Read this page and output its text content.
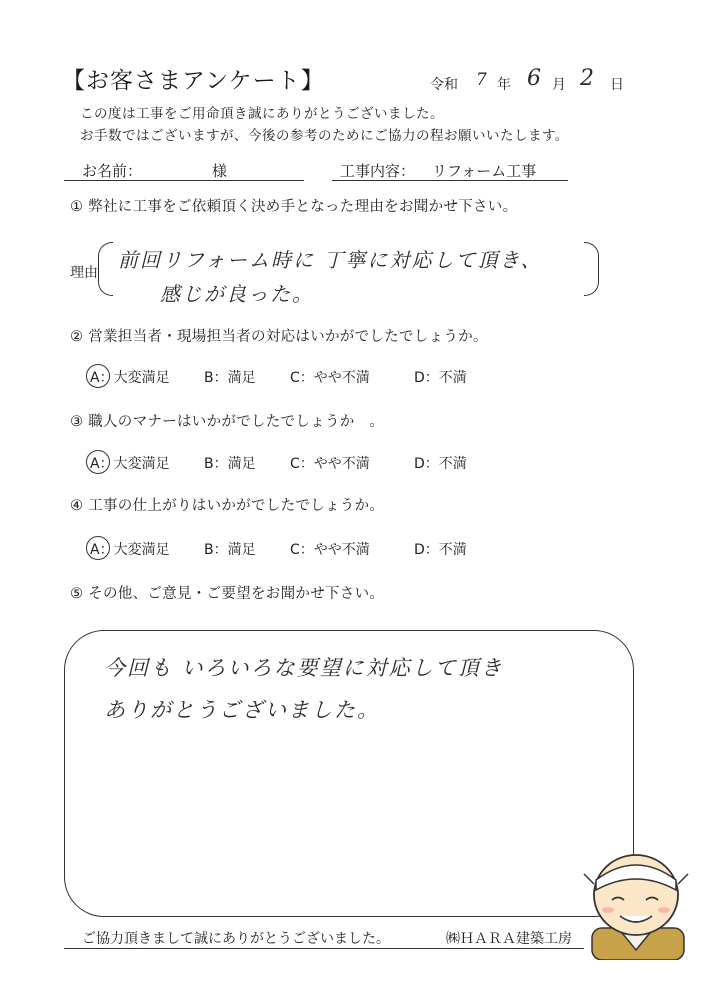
【お客さまアンケート】	令和 7 年 6 月 2 日
この度は工事をご用命頂き誠にありがとうございました。
お手数ではございますが、今後の参考のためにご協力の程お願いいたします。
お名前：	様	工事内容： リフォーム工事
① 弊社に工事をご依頼頂く決め手となった理由をお聞かせ下さい。
理由
前回リフォーム時に 丁寧に対応して頂き、
感じが良った。
② 営業担当者・現場担当者の対応はいかがでしたでしょうか。
A：大変満足 B：満足 C：やや不満	D：不満
③ 職人のマナーはいかがでしたでしょうか　。
A：大変満足 B：満足 C：やや不満	D：不満
④ 工事の仕上がりはいかがでしたでしょうか。
A：大変満足 B：満足 C：やや不満	D：不満
⑤ その他、ご意見・ご要望をお聞かせ下さい。
今回も いろいろな要望に対応して頂き
ありがとうございました。
ご協力頂きまして誠にありがとうございました。	㈱ＨＡＲＡ建築工房
